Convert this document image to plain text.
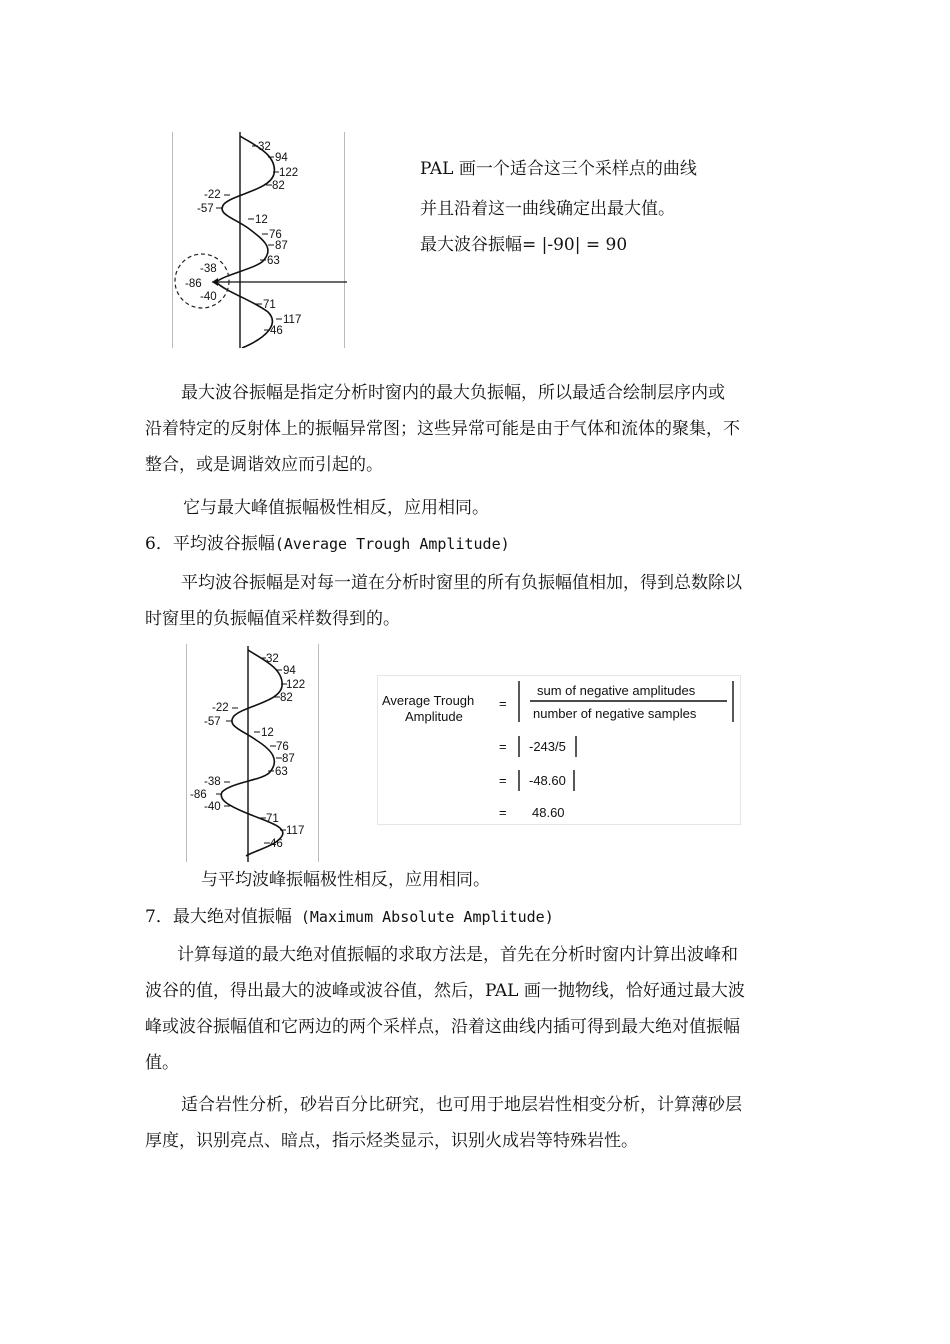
32
94
122
82
-22
-57
12
76
87
63
-38
-86
-40
71
117
46
PAL 画一个适合这三个采样点的曲线
并且沿着这一曲线确定出最大值。
最大波谷振幅= |-90| = 90
最大波谷振幅是指定分析时窗内的最大负振幅，所以最适合绘制层序内或
沿着特定的反射体上的振幅异常图；这些异常可能是由于气体和流体的聚集，不
整合，或是调谐效应而引起的。
它与最大峰值振幅极性相反，应用相同。
6．平均波谷振幅(Average Trough Amplitude)
平均波谷振幅是对每一道在分析时窗里的所有负振幅值相加，得到总数除以
时窗里的负振幅值采样数得到的。
32
94
122
82
-22
-57
12
76
87
63
-38
-86
-40
71
117
46
Average Trough
Amplitude
=
sum of negative amplitudes
number of negative samples
= -243/5
= -48.60
= 48.60
与平均波峰振幅极性相反，应用相同。
7．最大绝对值振幅 (Maximum Absolute Amplitude)
计算每道的最大绝对值振幅的求取方法是，首先在分析时窗内计算出波峰和
波谷的值，得出最大的波峰或波谷值，然后，PAL 画一抛物线，恰好通过最大波
峰或波谷振幅值和它两边的两个采样点，沿着这曲线内插可得到最大绝对值振幅
值。
适合岩性分析，砂岩百分比研究，也可用于地层岩性相变分析，计算薄砂层
厚度，识别亮点、暗点，指示烃类显示，识别火成岩等特殊岩性。
